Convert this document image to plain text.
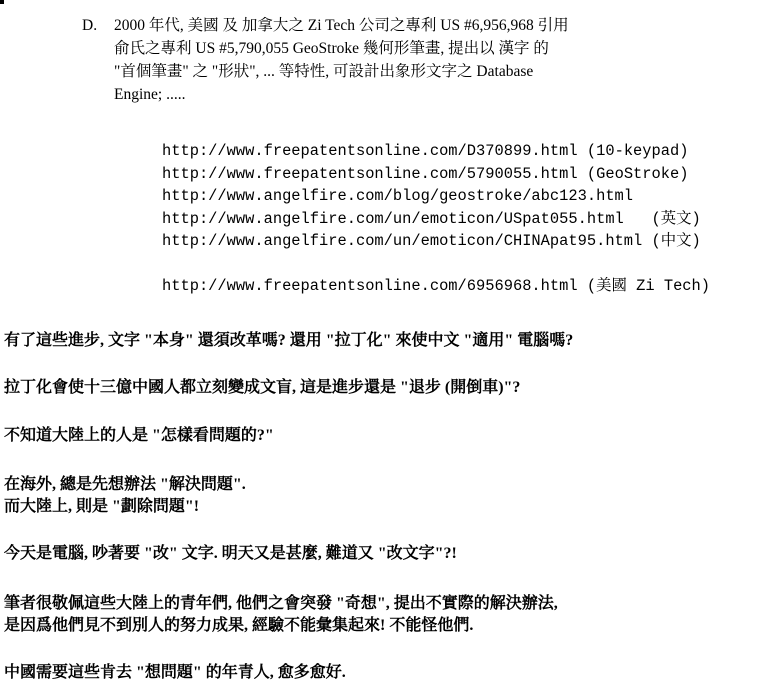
D. 2000 年代, 美國 及 加拿大之 Zi Tech 公司之專利 US #6,956,968 引用
俞氏之專利 US #5,790,055 GeoStroke 幾何形筆畫, 提出以 漢字 的
"首個筆畫" 之 "形狀", ... 等特性, 可設計出象形文字之 Database
Engine; .....
http://www.freepatentsonline.com/D370899.html (10-keypad)
http://www.freepatentsonline.com/5790055.html (GeoStroke)
http://www.angelfire.com/blog/geostroke/abc123.html
http://www.angelfire.com/un/emoticon/USpat055.html   (英文)
http://www.angelfire.com/un/emoticon/CHINApat95.html (中文)
http://www.freepatentsonline.com/6956968.html (美國 Zi Tech)
有了這些進步, 文字 "本身" 還須改革嗎? 還用 "拉丁化" 來使中文 "適用" 電腦嗎?
拉丁化會使十三億中國人都立刻變成文盲, 這是進步還是 "退步 (開倒車)"?
不知道大陸上的人是 "怎樣看問題的?"
在海外, 總是先想辦法 "解決問題".
而大陸上, 則是 "劃除問題"!
今天是電腦, 吵著要 "改" 文字. 明天又是甚麼, 難道又 "改文字"?!
筆者很敬佩這些大陸上的青年們, 他們之會突發 "奇想", 提出不實際的解決辦法,
是因爲他們見不到別人的努力成果, 經驗不能彙集起來! 不能怪他們.
中國需要這些肯去 "想問題" 的年青人, 愈多愈好.
